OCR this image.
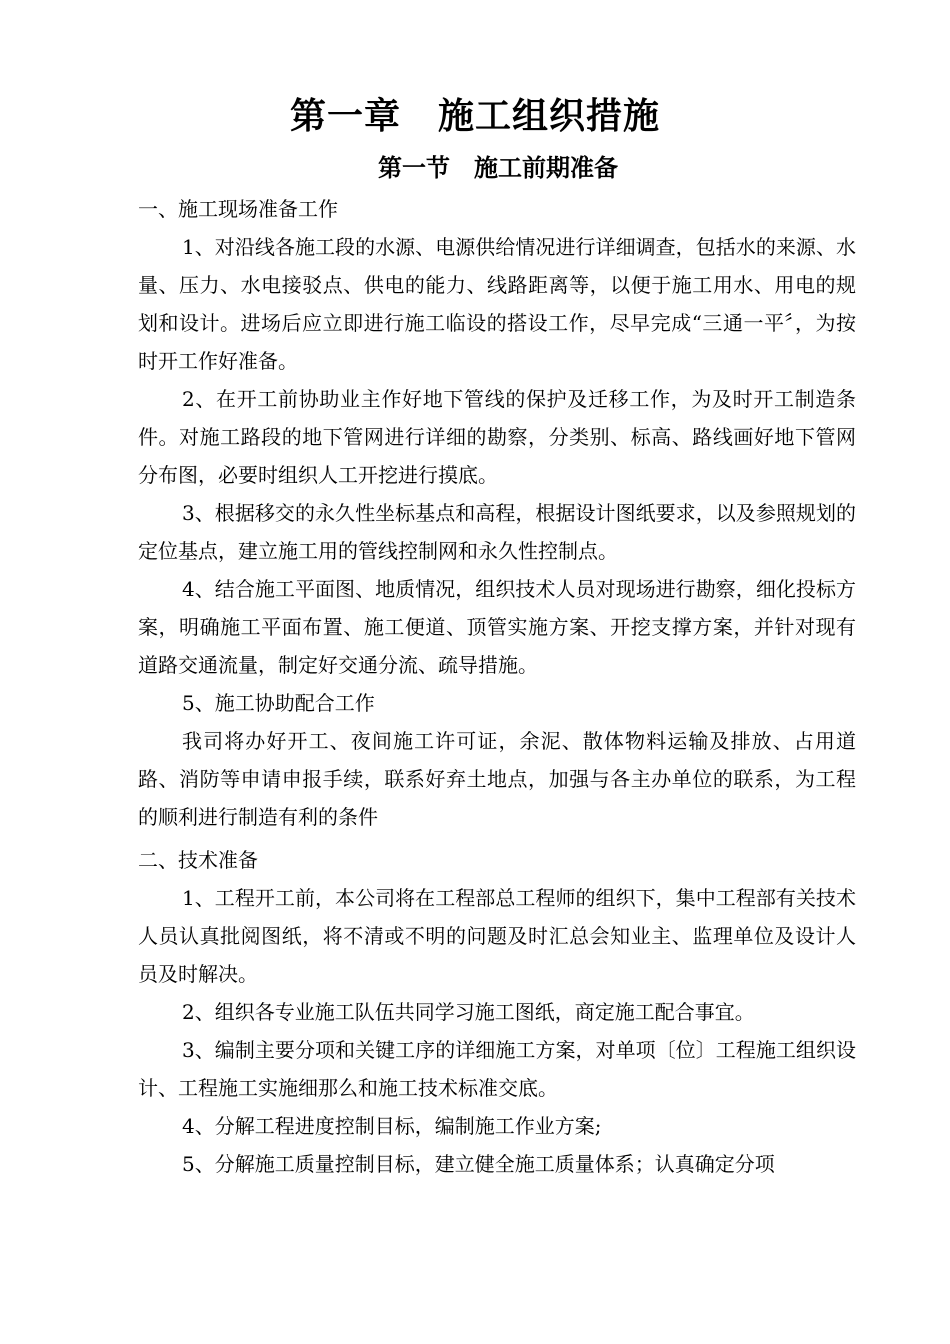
第一章　施工组织措施
第一节　施工前期准备

一、施工现场准备工作

1、对沿线各施工段的水源、电源供给情况进行详细调查，包括水的来源、水量、压力、水电接驳点、供电的能力、线路距离等，以便于施工用水、用电的规划和设计。进场后应立即进行施工临设的搭设工作，尽早完成“三通一平〞，为按时开工作好准备。

2、在开工前协助业主作好地下管线的保护及迁移工作，为及时开工制造条件。对施工路段的地下管网进行详细的勘察，分类别、标高、路线画好地下管网分布图，必要时组织人工开挖进行摸底。

3、根据移交的永久性坐标基点和高程，根据设计图纸要求，以及参照规划的定位基点，建立施工用的管线控制网和永久性控制点。

4、结合施工平面图、地质情况，组织技术人员对现场进行勘察，细化投标方案，明确施工平面布置、施工便道、顶管实施方案、开挖支撑方案，并针对现有道路交通流量，制定好交通分流、疏导措施。

5、施工协助配合工作

我司将办好开工、夜间施工许可证，余泥、散体物料运输及排放、占用道路、消防等申请申报手续，联系好弃土地点，加强与各主办单位的联系，为工程的顺利进行制造有利的条件

二、技术准备

1、工程开工前，本公司将在工程部总工程师的组织下，集中工程部有关技术人员认真批阅图纸，将不清或不明的问题及时汇总会知业主、监理单位及设计人员及时解决。

2、组织各专业施工队伍共同学习施工图纸，商定施工配合事宜。

3、编制主要分项和关键工序的详细施工方案，对单项〔位〕工程施工组织设计、工程施工实施细那么和施工技术标准交底。

4、分解工程进度控制目标，编制施工作业方案;

5、分解施工质量控制目标，建立健全施工质量体系；认真确定分项
